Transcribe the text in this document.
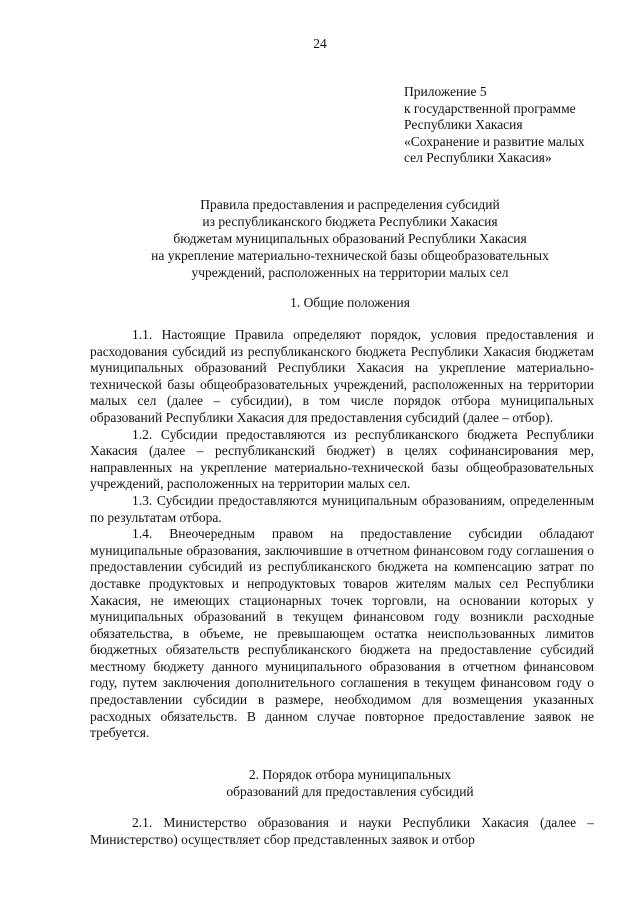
24
Приложение 5
к государственной программе
Республики Хакасия
«Сохранение и развитие малых
сел Республики Хакасия»
Правила предоставления и распределения субсидий
из республиканского бюджета Республики Хакасия
бюджетам муниципальных образований Республики Хакасия
на укрепление материально-технической базы общеобразовательных
учреждений, расположенных на территории малых сел
1. Общие положения

1.1. Настоящие Правила определяют порядок, условия предоставления и расходования субсидий из республиканского бюджета Республики Хакасия бюджетам муниципальных образований Республики Хакасия на укрепление материально-технической базы общеобразовательных учреждений, расположенных на территории малых сел (далее – субсидии), в том числе порядок отбора муниципальных образований Республики Хакасия для предоставления субсидий (далее – отбор).

1.2. Субсидии предоставляются из республиканского бюджета Республики Хакасия (далее – республиканский бюджет) в целях софинансирования мер, направленных на укрепление материально-технической базы общеобразовательных учреждений, расположенных на территории малых сел.

1.3. Субсидии предоставляются муниципальным образованиям, определенным по результатам отбора.

1.4. Внеочередным правом на предоставление субсидии обладают муниципальные образования, заключившие в отчетном финансовом году соглашения о предоставлении субсидий из республиканского бюджета на компенсацию затрат по доставке продуктовых и непродуктовых товаров жителям малых сел Республики Хакасия, не имеющих стационарных точек торговли, на основании которых у муниципальных образований в текущем финансовом году возникли расходные обязательства, в объеме, не превышающем остатка неиспользованных лимитов бюджетных обязательств республиканского бюджета на предоставление субсидий местному бюджету данного муниципального образования в отчетном финансовом году, путем заключения дополнительного соглашения в текущем финансовом году о предоставлении субсидии в размере, необходимом для возмещения указанных расходных обязательств. В данном случае повторное предоставление заявок не требуется.

2. Порядок отбора муниципальных
образований для предоставления субсидий

2.1. Министерство образования и науки Республики Хакасия (далее – Министерство) осуществляет сбор представленных заявок и отбор
